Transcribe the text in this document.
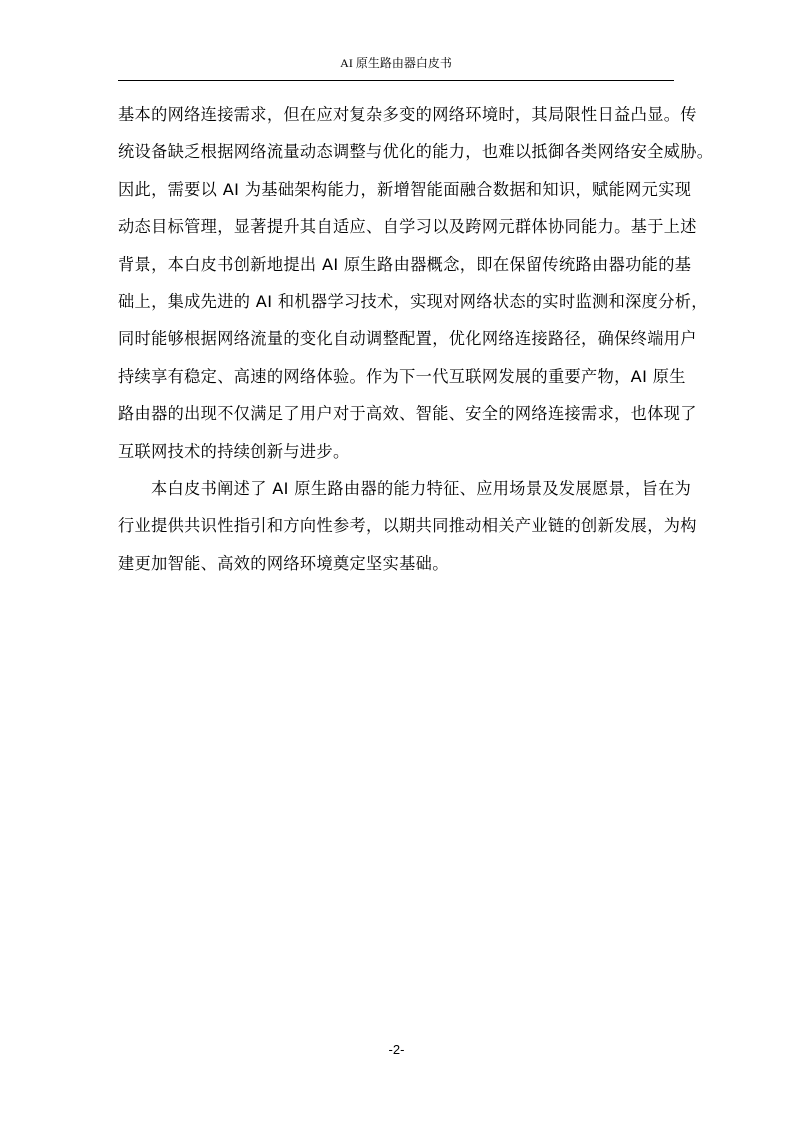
AI 原生路由器白皮书
基本的网络连接需求，但在应对复杂多变的网络环境时，其局限性日益凸显。传
统设备缺乏根据网络流量动态调整与优化的能力，也难以抵御各类网络安全威胁。
因此，需要以 AI 为基础架构能力，新增智能面融合数据和知识，赋能网元实现
动态目标管理，显著提升其自适应、自学习以及跨网元群体协同能力。基于上述
背景，本白皮书创新地提出 AI 原生路由器概念，即在保留传统路由器功能的基
础上，集成先进的 AI 和机器学习技术，实现对网络状态的实时监测和深度分析，
同时能够根据网络流量的变化自动调整配置，优化网络连接路径，确保终端用户
持续享有稳定、高速的网络体验。作为下一代互联网发展的重要产物，AI 原生
路由器的出现不仅满足了用户对于高效、智能、安全的网络连接需求，也体现了
互联网技术的持续创新与进步。
本白皮书阐述了 AI 原生路由器的能力特征、应用场景及发展愿景，旨在为
行业提供共识性指引和方向性参考，以期共同推动相关产业链的创新发展，为构
建更加智能、高效的网络环境奠定坚实基础。
-2-
